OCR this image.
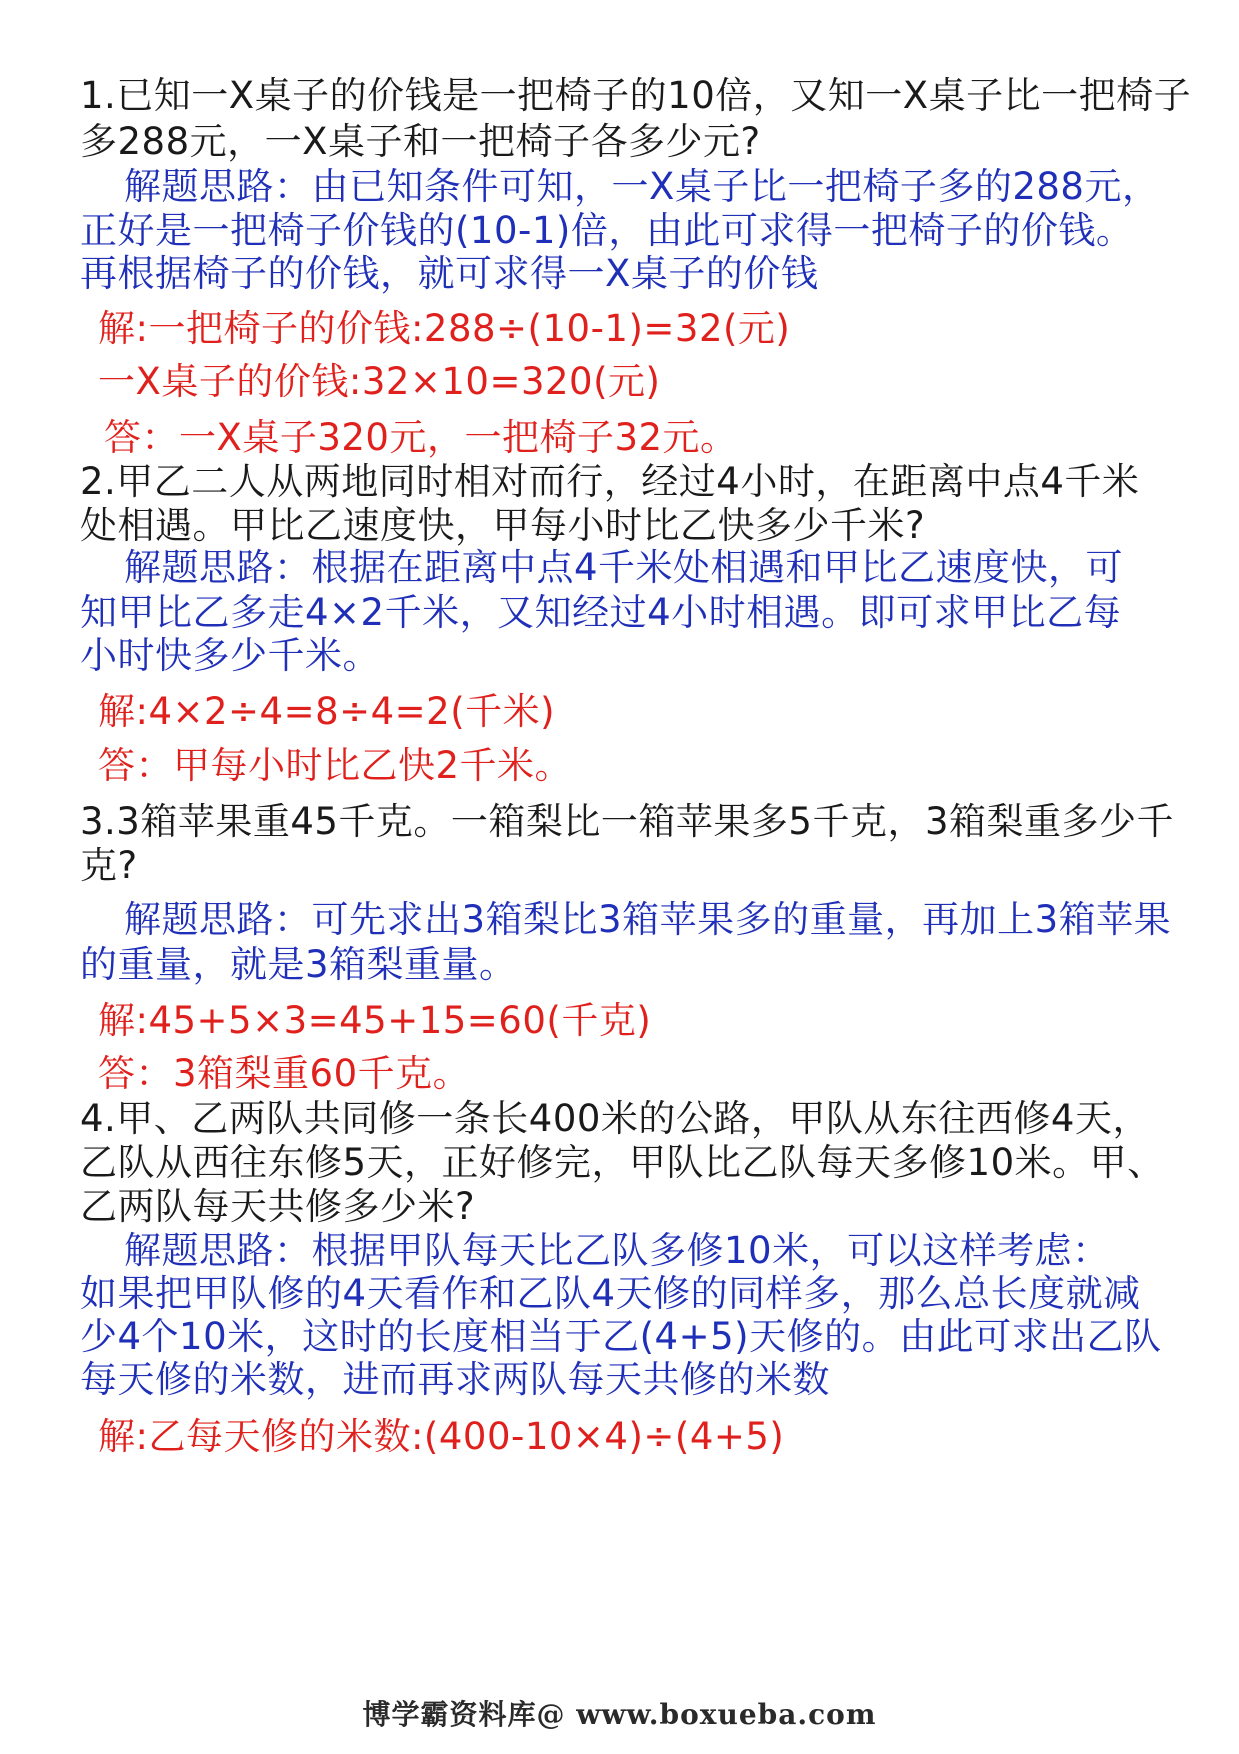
1.已知一X桌子的价钱是一把椅子的10倍，又知一X桌子比一把椅子
多288元，一X桌子和一把椅子各多少元?
解题思路：由已知条件可知，一X桌子比一把椅子多的288元，
正好是一把椅子价钱的(10-1)倍，由此可求得一把椅子的价钱。
再根据椅子的价钱，就可求得一X桌子的价钱
解:一把椅子的价钱:288÷(10-1)=32(元)
一X桌子的价钱:32×10=320(元)
答：一X桌子320元，一把椅子32元。
2.甲乙二人从两地同时相对而行，经过4小时，在距离中点4千米
处相遇。甲比乙速度快，甲每小时比乙快多少千米?
解题思路：根据在距离中点4千米处相遇和甲比乙速度快，可
知甲比乙多走4×2千米，又知经过4小时相遇。即可求甲比乙每
小时快多少千米。
解:4×2÷4=8÷4=2(千米)
答：甲每小时比乙快2千米。
3.3箱苹果重45千克。一箱梨比一箱苹果多5千克，3箱梨重多少千
克?
解题思路：可先求出3箱梨比3箱苹果多的重量，再加上3箱苹果
的重量，就是3箱梨重量。
解:45+5×3=45+15=60(千克)
答：3箱梨重60千克。
4.甲、乙两队共同修一条长400米的公路，甲队从东往西修4天，
乙队从西往东修5天，正好修完，甲队比乙队每天多修10米。甲、
乙两队每天共修多少米?
解题思路：根据甲队每天比乙队多修10米，可以这样考虑：
如果把甲队修的4天看作和乙队4天修的同样多，那么总长度就减
少4个10米，这时的长度相当于乙(4+5)天修的。由此可求出乙队
每天修的米数，进而再求两队每天共修的米数
解:乙每天修的米数:(400-10×4)÷(4+5)
博学霸资料库@ www.boxueba.com
